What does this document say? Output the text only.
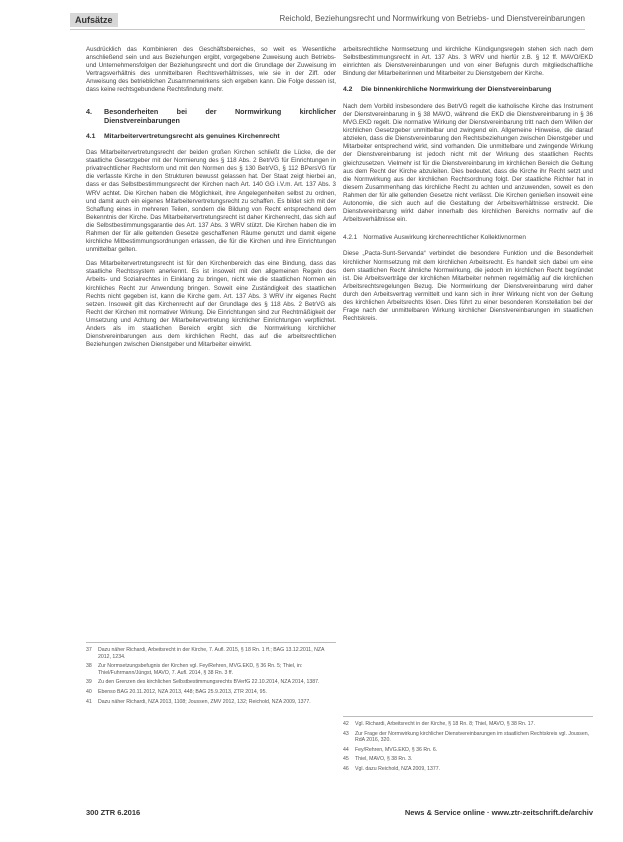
Aufsätze	Reichold, Beziehungsrecht und Normwirkung von Betriebs- und Dienstvereinbarungen

Ausdrücklich das Kombinieren des Geschäftsbereiches, so weit es Wesentliche anschließend sein und aus Beziehungen ergibt, vorgegebene Zuweisung auch Betriebs- und Unternehmensfolgen der Beziehungsrecht und dort die Grundlage der Zuweisung im Vertragsverhältnis des unmittelbaren Rechtsverhältnisses, wie sie in der Ziff. oder Anweisung des betrieblichen Zusammenwirkens sich ergeben kann. Die Folge dessen ist, dass keine rechtsgebundene Rechtsfindung mehr.

4.	Besonderheiten bei der Normwirkung kirchlicher Dienstvereinbarungen
4.1	Mitarbeitervertretungsrecht als genuines Kirchenrecht

Das Mitarbeitervertretungsrecht der beiden großen Kirchen schließt die Lücke, die der staatliche Gesetzgeber mit der Normierung des § 118 Abs. 2 BetrVG für Einrichtungen in privatrechtlicher Rechtsform und mit den Normen des § 130 BetrVG, § 112 BPersVG für die verfasste Kirche in den Strukturen bewusst gelassen hat. Der Staat zeigt hierbei an, dass er das Selbstbestimmungsrecht der Kirchen nach Art. 140 GG i.V.m. Art. 137 Abs. 3 WRV achtet. Die Kirchen haben die Möglichkeit, ihre Angelegenheiten selbst zu ordnen, und damit auch ein eigenes Mitarbeitervertretungsrecht zu schaffen. Es bildet sich mit der Schaffung eines in mehreren Teilen, sondern die Bildung von Recht entsprechend dem Bekenntnis der Kirche. Das Mitarbeitervertretungsrecht ist daher Kirchenrecht, das sich auf die Selbstbestimmungsgarantie des Art. 137 Abs. 3 WRV stützt. Die Kirchen haben die im Rahmen der für alle geltenden Gesetze geschaffenen Räume genutzt und damit eigene kirchliche Mitbestimmungsordnungen erlassen, die für die Kirchen und ihre Einrichtungen unmittelbar gelten.

Das Mitarbeitervertretungsrecht ist für den Kirchenbereich das eine Bindung, dass das staatliche Rechtssystem anerkennt. Es ist insoweit mit den allgemeinen Regeln des Arbeits- und Sozialrechtes in Einklang zu bringen, nicht wie die staatlichen Normen ein kirchliches Recht zur Anwendung bringen. Soweit eine Zuständigkeit des staatlichen Rechts nicht gegeben ist, kann die Kirche gem. Art. 137 Abs. 3 WRV ihr eigenes Recht setzen. Insoweit gilt das Kirchenrecht auf der Grundlage des § 118 Abs. 2 BetrVG als Recht der Kirchen mit normativer Wirkung. Die Einrichtungen sind zur Rechtmäßigkeit der Umsetzung und Achtung der Mitarbeitervertretung kirchlicher Einrichtungen verpflichtet. Anders als im staatlichen Bereich ergibt sich die Normwirkung kirchlicher Dienstvereinbarungen aus dem kirchlichen Recht, das auf die arbeitsrechtlichen Beziehungen zwischen Dienstgeber und Mitarbeiter einwirkt.

arbeitsrechtliche Normsetzung und kirchliche Kündigungsregeln stehen sich nach dem Selbstbestimmungsrecht in Art. 137 Abs. 3 WRV und hierfür z.B. § 12 ff. MAVO/EKD einrichten als Dienstvereinbarungen und von einer Befugnis durch mitgliedschaftliche Bindung der Mitarbeiterinnen und Mitarbeiter zu Dienstgebern der Kirche.

4.2	Die binnenkirchliche Normwirkung der Dienstvereinbarung

Nach dem Vorbild insbesondere des BetrVG regelt die katholische Kirche das Instrument der Dienstvereinbarung in § 38 MAVO, während die EKD die Dienstvereinbarung in § 36 MVG.EKD regelt. Die normative Wirkung der Dienstvereinbarung tritt nach dem Willen der kirchlichen Gesetzgeber unmittelbar und zwingend ein. Allgemeine Hinweise, die darauf abzielen, dass die Dienstvereinbarung den Rechtsbeziehungen zwischen Dienstgeber und Mitarbeiter entsprechend wirkt, sind vorhanden. Die unmittelbare und zwingende Wirkung der Dienstvereinbarung ist jedoch nicht mit der Wirkung des staatlichen Rechts gleichzusetzen. Vielmehr ist für die Dienstvereinbarung im kirchlichen Bereich die Geltung aus dem Recht der Kirche abzuleiten. Dies bedeutet, dass die Kirche ihr Recht setzt und die Normwirkung aus der kirchlichen Rechtsordnung folgt. Der staatliche Richter hat in diesem Zusammenhang das kirchliche Recht zu achten und anzuwenden, soweit es den Rahmen der für alle geltenden Gesetze nicht verlässt. Die Kirchen genießen insoweit eine Autonomie, die sich auch auf die Gestaltung der Arbeitsverhältnisse erstreckt. Die Dienstvereinbarung wirkt daher innerhalb des kirchlichen Bereichs normativ auf die Arbeitsverhältnisse ein.

4.2.1 Normative Auswirkung kirchenrechtlicher Kollektivnormen

Diese „Pacta-Sunt-Servanda“ verbindet die besondere Funktion und die Besonderheit kirchlicher Normsetzung mit dem kirchlichen Arbeitsrecht. Es handelt sich dabei um eine dem staatlichen Recht ähnliche Normwirkung, die jedoch im kirchlichen Recht begründet ist. Die Arbeitsverträge der kirchlichen Mitarbeiter nehmen regelmäßig auf die kirchlichen Arbeitsrechtsregelungen Bezug. Die Normwirkung der Dienstvereinbarung wird daher durch den Arbeitsvertrag vermittelt und kann sich in ihrer Wirkung nicht von der Geltung des kirchlichen Arbeitsrechts lösen. Dies führt zu einer besonderen Konstellation bei der Frage nach der unmittelbaren Wirkung kirchlicher Dienstvereinbarungen im staatlichen Rechtskreis.

37	Dazu näher Richardi, Arbeitsrecht in der Kirche, 7. Aufl. 2015, § 18 Rn. 1 ff.; BAG 13.12.2011, NZA 2012, 1234.
38	Zur Normsetzungsbefugnis der Kirchen vgl. Fey/Rehren, MVG.EKD, § 36 Rn. 5; Thiel, in: Thiel/Fuhrmann/Jüngst, MAVO, 7. Aufl. 2014, § 38 Rn. 3 ff.
39	Zu den Grenzen des kirchlichen Selbstbestimmungsrechts BVerfG 22.10.2014, NZA 2014, 1387.
40	Ebenso BAG 20.11.2012, NZA 2013, 448; BAG 25.9.2013, ZTR 2014, 95.
41	Dazu näher Richardi, NZA 2013, 1108; Joussen, ZMV 2012, 132; Reichold, NZA 2009, 1377.
42	Vgl. Richardi, Arbeitsrecht in der Kirche, § 18 Rn. 8; Thiel, MAVO, § 38 Rn. 17.
43	Zur Frage der Normwirkung kirchlicher Dienstvereinbarungen im staatlichen Rechtskreis vgl. Joussen, RdA 2016, 320.
44	Fey/Rehren, MVG.EKD, § 36 Rn. 6.
45	Thiel, MAVO, § 38 Rn. 3.
46	Vgl. dazu Reichold, NZA 2009, 1377.
300 ZTR 6.2016	News & Service online · www.ztr-zeitschrift.de/archiv
